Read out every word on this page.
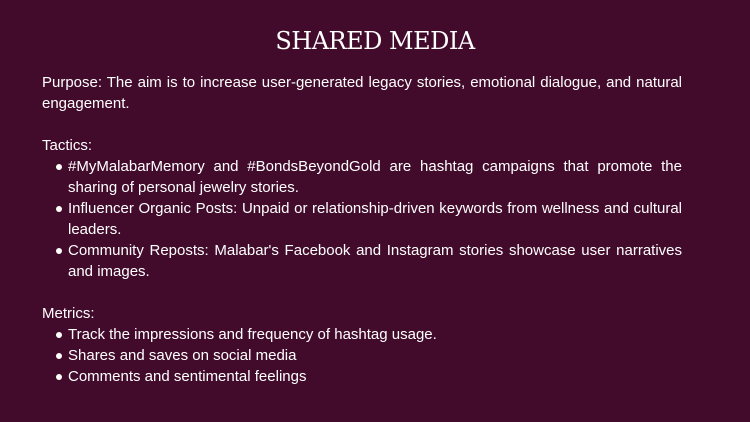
SHARED MEDIA

Purpose: The aim is to increase user-generated legacy stories, emotional dialogue, and natural engagement.

Tactics:

#MyMalabarMemory and #BondsBeyondGold are hashtag campaigns that promote the sharing of personal jewelry stories.
Influencer Organic Posts: Unpaid or relationship-driven keywords from wellness and cultural leaders.
Community Reposts: Malabar's Facebook and Instagram stories showcase user narratives and images.

Metrics:

Track the impressions and frequency of hashtag usage.
Shares and saves on social media
Comments and sentimental feelings
